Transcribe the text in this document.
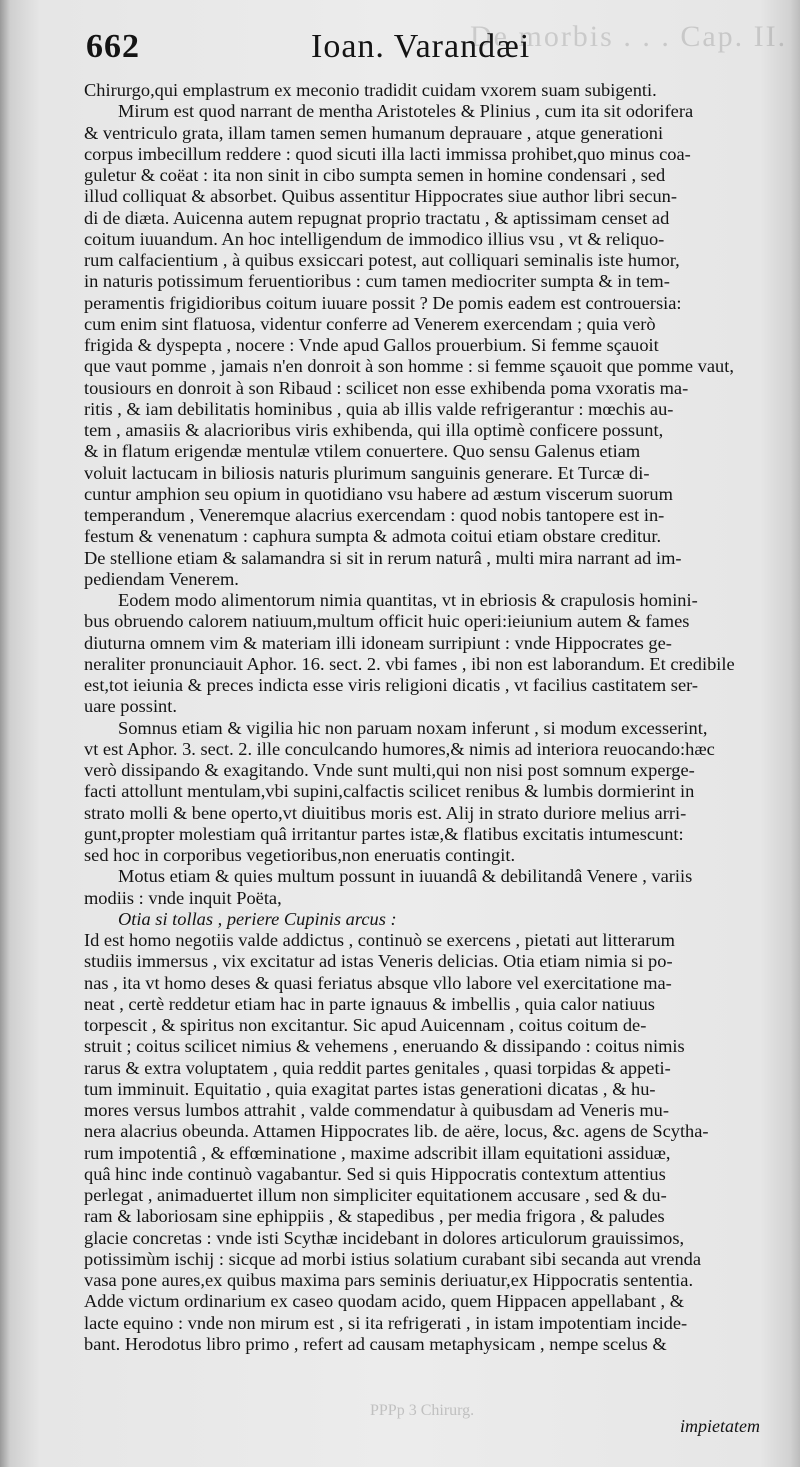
De morbis . . . Cap. II.
662	Ioan. Varandæi
Chirurgo,qui emplastrum ex meconio tradidit cuidam vxorem suam subigenti.
Mirum est quod narrant de mentha Aristoteles & Plinius , cum ita sit odorifera
& ventriculo grata, illam tamen semen humanum deprauare , atque generationi
corpus imbecillum reddere : quod sicuti illa lacti immissa prohibet,quo minus coa-
guletur & coëat : ita non sinit in cibo sumpta semen in homine condensari , sed
illud colliquat & absorbet. Quibus assentitur Hippocrates siue author libri secun-
di de diæta. Auicenna autem repugnat proprio tractatu , & aptissimam censet ad
coitum iuuandum. An hoc intelligendum de immodico illius vsu , vt & reliquo-
rum calfacientium , à quibus exsiccari potest, aut colliquari seminalis iste humor,
in naturis potissimum feruentioribus : cum tamen mediocriter sumpta & in tem-
peramentis frigidioribus coitum iuuare possit ? De pomis eadem est controuersia:
cum enim sint flatuosa, videntur conferre ad Venerem exercendam ; quia verò
frigida & dyspepta , nocere : Vnde apud Gallos prouerbium. Si femme sçauoit
que vaut pomme , jamais n'en donroit à son homme : si femme sçauoit que pomme vaut,
tousiours en donroit à son Ribaud : scilicet non esse exhibenda poma vxoratis ma-
ritis , & iam debilitatis hominibus , quia ab illis valde refrigerantur : mœchis au-
tem , amasiis & alacrioribus viris exhibenda, qui illa optimè conficere possunt,
& in flatum erigendæ mentulæ vtilem conuertere. Quo sensu Galenus etiam
voluit lactucam in biliosis naturis plurimum sanguinis generare. Et Turcæ di-
cuntur amphion seu opium in quotidiano vsu habere ad æstum viscerum suorum
temperandum , Veneremque alacrius exercendam : quod nobis tantopere est in-
festum & venenatum : caphura sumpta & admota coitui etiam obstare creditur.
De stellione etiam & salamandra si sit in rerum naturâ , multi mira narrant ad im-
pediendam Venerem.
Eodem modo alimentorum nimia quantitas, vt in ebriosis & crapulosis homini-
bus obruendo calorem natiuum,multum officit huic operi:ieiunium autem & fames
diuturna omnem vim & materiam illi idoneam surripiunt : vnde Hippocrates ge-
neraliter pronunciauit Aphor. 16. sect. 2. vbi fames , ibi non est laborandum. Et credibile
est,tot ieiunia & preces indicta esse viris religioni dicatis , vt facilius castitatem ser-
uare possint.
Somnus etiam & vigilia hic non paruam noxam inferunt , si modum excesserint,
vt est Aphor. 3. sect. 2. ille conculcando humores,& nimis ad interiora reuocando:hæc
verò dissipando & exagitando. Vnde sunt multi,qui non nisi post somnum experge-
facti attollunt mentulam,vbi supini,calfactis scilicet renibus & lumbis dormierint in
strato molli & bene operto,vt diuitibus moris est. Alij in strato duriore melius arri-
gunt,propter molestiam quâ irritantur partes istæ,& flatibus excitatis intumescunt:
sed hoc in corporibus vegetioribus,non eneruatis contingit.
Motus etiam & quies multum possunt in iuuandâ & debilitandâ Venere , variis
modiis : vnde inquit Poëta,
Otia si tollas , periere Cupinis arcus :
Id est homo negotiis valde addictus , continuò se exercens , pietati aut litterarum
studiis immersus , vix excitatur ad istas Veneris delicias. Otia etiam nimia si po-
nas , ita vt homo deses & quasi feriatus absque vllo labore vel exercitatione ma-
neat , certè reddetur etiam hac in parte ignauus & imbellis , quia calor natiuus
torpescit , & spiritus non excitantur. Sic apud Auicennam , coitus coitum de-
struit ; coitus scilicet nimius & vehemens , eneruando & dissipando : coitus nimis
rarus & extra voluptatem , quia reddit partes genitales , quasi torpidas & appeti-
tum imminuit. Equitatio , quia exagitat partes istas generationi dicatas , & hu-
mores versus lumbos attrahit , valde commendatur à quibusdam ad Veneris mu-
nera alacrius obeunda. Attamen Hippocrates lib. de aëre, locus, &c. agens de Scytha-
rum impotentiâ , & effœminatione , maxime adscribit illam equitationi assiduæ,
quâ hinc inde continuò vagabantur. Sed si quis Hippocratis contextum attentius
perlegat , animaduertet illum non simpliciter equitationem accusare , sed & du-
ram & laboriosam sine ephippiis , & stapedibus , per media frigora , & paludes
glacie concretas : vnde isti Scythæ incidebant in dolores articulorum grauissimos,
potissimùm ischij : sicque ad morbi istius solatium curabant sibi secanda aut vrenda
vasa pone aures,ex quibus maxima pars seminis deriuatur,ex Hippocratis sententia.
Adde victum ordinarium ex caseo quodam acido, quem Hippacen appellabant , &
lacte equino : vnde non mirum est , si ita refrigerati , in istam impotentiam incide-
bant. Herodotus libro primo , refert ad causam metaphysicam , nempe scelus &
PPPp 3 Chirurg.
impietatem
